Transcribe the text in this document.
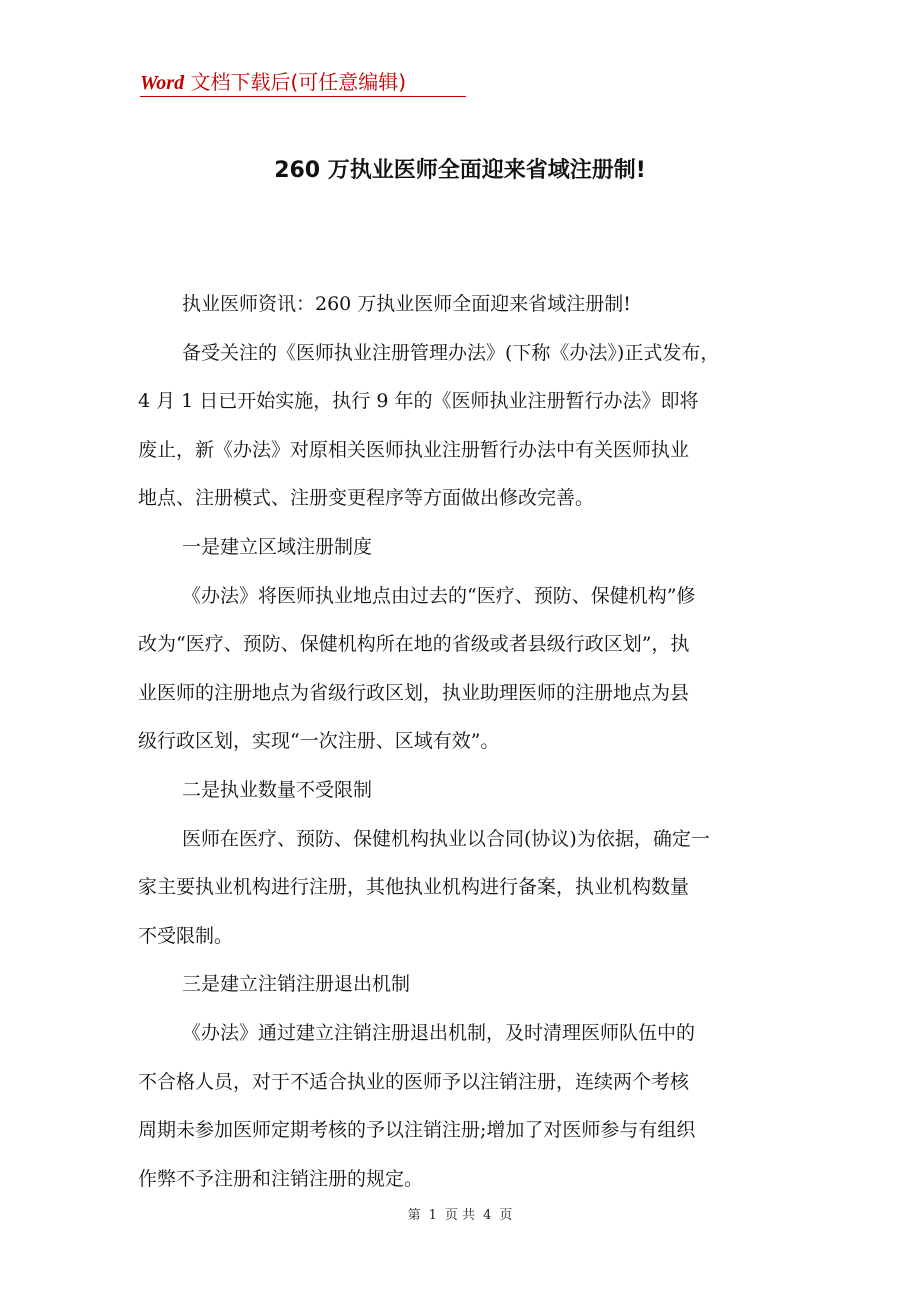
Word 文档下载后(可任意编辑)
260 万执业医师全面迎来省域注册制!

执业医师资讯：260 万执业医师全面迎来省域注册制!

备受关注的《医师执业注册管理办法》(下称《办法》)正式发布，

4 月 1 日已开始实施，执行 9 年的《医师执业注册暂行办法》即将

废止，新《办法》对原相关医师执业注册暂行办法中有关医师执业

地点、注册模式、注册变更程序等方面做出修改完善。

一是建立区域注册制度

《办法》将医师执业地点由过去的“医疗、预防、保健机构”修

改为“医疗、预防、保健机构所在地的省级或者县级行政区划”，执

业医师的注册地点为省级行政区划，执业助理医师的注册地点为县

级行政区划，实现“一次注册、区域有效”。

二是执业数量不受限制

医师在医疗、预防、保健机构执业以合同(协议)为依据，确定一

家主要执业机构进行注册，其他执业机构进行备案，执业机构数量

不受限制。

三是建立注销注册退出机制

《办法》通过建立注销注册退出机制，及时清理医师队伍中的

不合格人员，对于不适合执业的医师予以注销注册，连续两个考核

周期未参加医师定期考核的予以注销注册;增加了对医师参与有组织

作弊不予注册和注销注册的规定。

第 1 页 共 4 页
